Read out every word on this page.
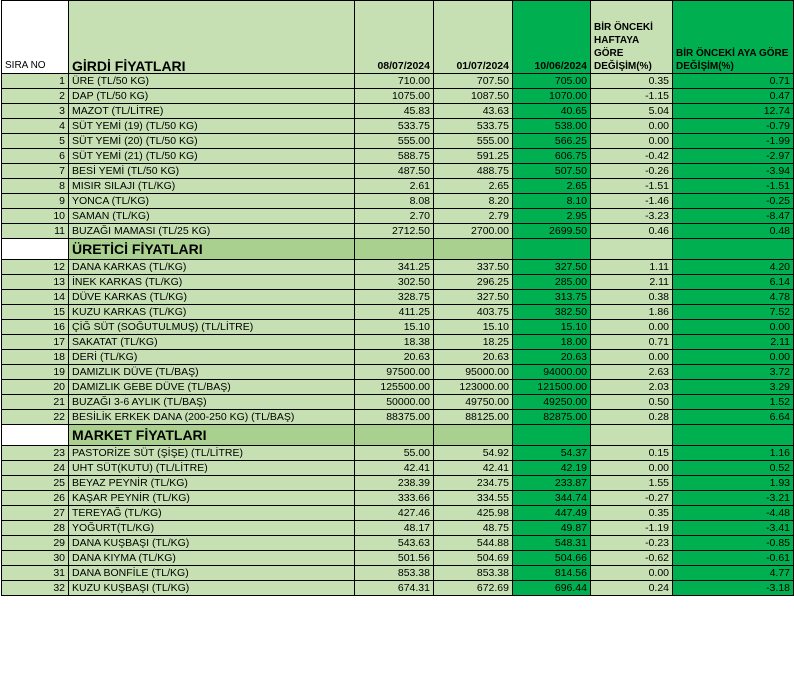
SIRA NO	GİRDİ FİYATLARI	08/07/2024	01/07/2024	10/06/2024	BİR ÖNCEKİ HAFTAYA GÖRE DEĞİŞİM(%)	BİR ÖNCEKİ AYA GÖRE DEĞİŞİM(%)
1	ÜRE (TL/50 KG)	710.00	707.50	705.00	0.35	0.71
2	DAP (TL/50 KG)	1075.00	1087.50	1070.00	-1.15	0.47
3	MAZOT (TL/LİTRE)	45.83	43.63	40.65	5.04	12.74
4	SÜT YEMİ (19) (TL/50 KG)	533.75	533.75	538.00	0.00	-0.79
5	SÜT YEMİ (20) (TL/50 KG)	555.00	555.00	566.25	0.00	-1.99
6	SÜT YEMİ (21) (TL/50 KG)	588.75	591.25	606.75	-0.42	-2.97
7	BESİ YEMİ (TL/50 KG)	487.50	488.75	507.50	-0.26	-3.94
8	MISIR SILAJI (TL/KG)	2.61	2.65	2.65	-1.51	-1.51
9	YONCA (TL/KG)	8.08	8.20	8.10	-1.46	-0.25
10	SAMAN (TL/KG)	2.70	2.79	2.95	-3.23	-8.47
11	BUZAĞI MAMASI (TL/25 KG)	2712.50	2700.00	2699.50	0.46	0.48
	ÜRETİCİ FİYATLARI					
12	DANA KARKAS (TL/KG)	341.25	337.50	327.50	1.11	4.20
13	İNEK KARKAS (TL/KG)	302.50	296.25	285.00	2.11	6.14
14	DÜVE KARKAS (TL/KG)	328.75	327.50	313.75	0.38	4.78
15	KUZU KARKAS (TL/KG)	411.25	403.75	382.50	1.86	7.52
16	ÇİĞ SÜT (SOĞUTULMUŞ) (TL/LİTRE)	15.10	15.10	15.10	0.00	0.00
17	SAKATAT (TL/KG)	18.38	18.25	18.00	0.71	2.11
18	DERİ (TL/KG)	20.63	20.63	20.63	0.00	0.00
19	DAMIZLIK DÜVE (TL/BAŞ)	97500.00	95000.00	94000.00	2.63	3.72
20	DAMIZLIK GEBE DÜVE (TL/BAŞ)	125500.00	123000.00	121500.00	2.03	3.29
21	BUZAĞI 3-6 AYLIK (TL/BAŞ)	50000.00	49750.00	49250.00	0.50	1.52
22	BESİLİK ERKEK DANA (200-250 KG) (TL/BAŞ)	88375.00	88125.00	82875.00	0.28	6.64
	MARKET FİYATLARI					
23	PASTORİZE SÜT (ŞİŞE) (TL/LİTRE)	55.00	54.92	54.37	0.15	1.16
24	UHT SÜT(KUTU) (TL/LİTRE)	42.41	42.41	42.19	0.00	0.52
25	BEYAZ PEYNİR (TL/KG)	238.39	234.75	233.87	1.55	1.93
26	KAŞAR PEYNİR (TL/KG)	333.66	334.55	344.74	-0.27	-3.21
27	TEREYAĞ (TL/KG)	427.46	425.98	447.49	0.35	-4.48
28	YOĞURT(TL/KG)	48.17	48.75	49.87	-1.19	-3.41
29	DANA KUŞBAŞI (TL/KG)	543.63	544.88	548.31	-0.23	-0.85
30	DANA KIYMA (TL/KG)	501.56	504.69	504.66	-0.62	-0.61
31	DANA BONFİLE (TL/KG)	853.38	853.38	814.56	0.00	4.77
32	KUZU KUŞBAŞI (TL/KG)	674.31	672.69	696.44	0.24	-3.18
